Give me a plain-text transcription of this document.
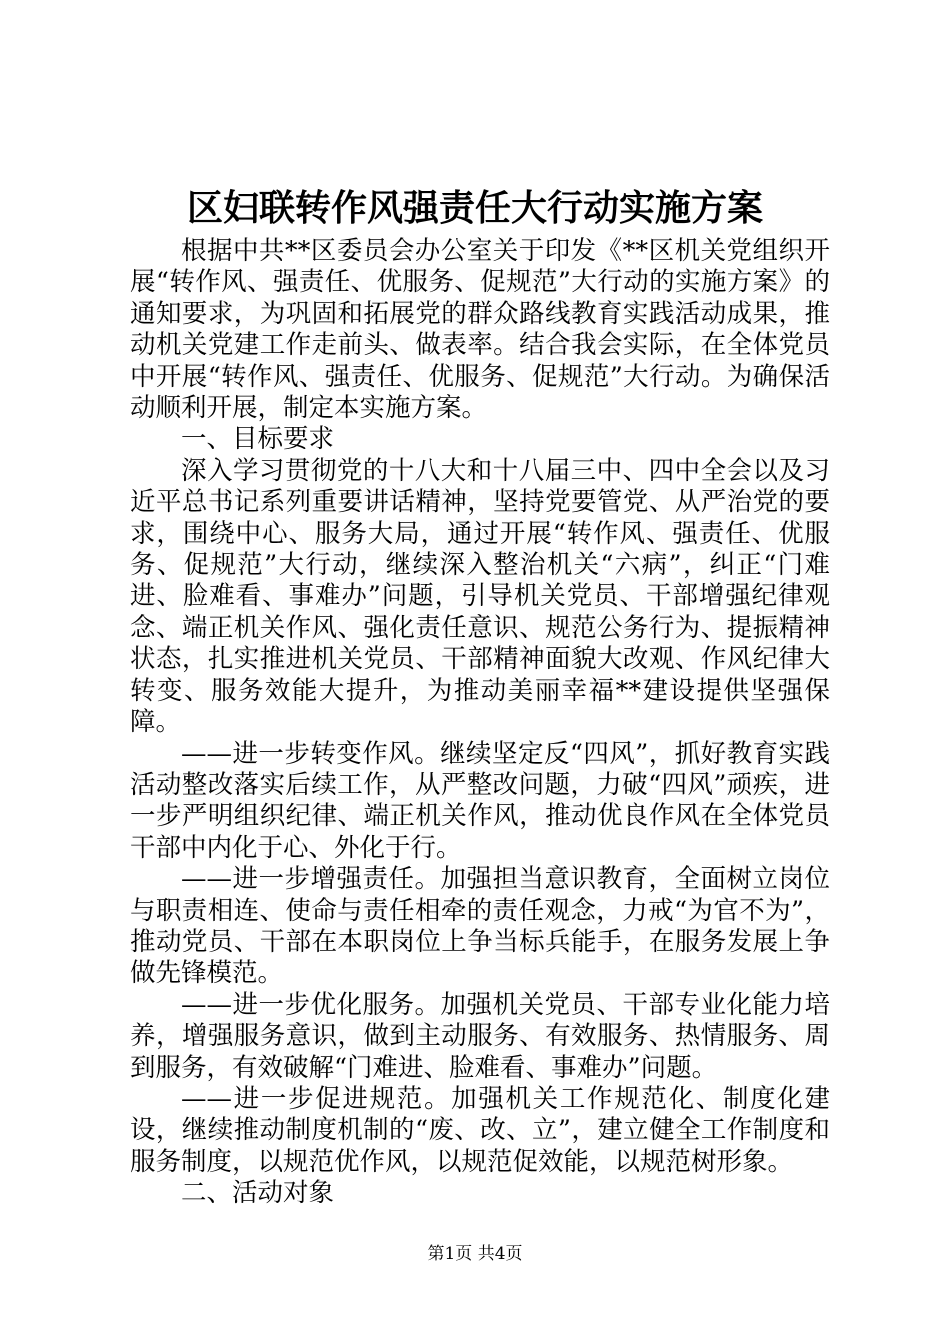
区妇联转作风强责任大行动实施方案

根据中共**区委员会办公室关于印发《**区机关党组织开展“转作风、强责任、优服务、促规范”大行动的实施方案》的通知要求，为巩固和拓展党的群众路线教育实践活动成果，推动机关党建工作走前头、做表率。结合我会实际，在全体党员中开展“转作风、强责任、优服务、促规范”大行动。为确保活动顺利开展，制定本实施方案。

一、目标要求

深入学习贯彻党的十八大和十八届三中、四中全会以及习近平总书记系列重要讲话精神，坚持党要管党、从严治党的要求，围绕中心、服务大局，通过开展“转作风、强责任、优服务、促规范”大行动，继续深入整治机关“六病”，纠正“门难进、脸难看、事难办”问题，引导机关党员、干部增强纪律观念、端正机关作风、强化责任意识、规范公务行为、提振精神状态，扎实推进机关党员、干部精神面貌大改观、作风纪律大转变、服务效能大提升，为推动美丽幸福**建设提供坚强保障。

——进一步转变作风。继续坚定反“四风”，抓好教育实践活动整改落实后续工作，从严整改问题，力破“四风”顽疾，进一步严明组织纪律、端正机关作风，推动优良作风在全体党员干部中内化于心、外化于行。

——进一步增强责任。加强担当意识教育，全面树立岗位与职责相连、使命与责任相牵的责任观念，力戒“为官不为”，推动党员、干部在本职岗位上争当标兵能手，在服务发展上争做先锋模范。

——进一步优化服务。加强机关党员、干部专业化能力培养，增强服务意识，做到主动服务、有效服务、热情服务、周到服务，有效破解“门难进、脸难看、事难办”问题。

——进一步促进规范。加强机关工作规范化、制度化建设，继续推动制度机制的“废、改、立”，建立健全工作制度和服务制度，以规范优作风，以规范促效能，以规范树形象。

二、活动对象

第1页 共4页
